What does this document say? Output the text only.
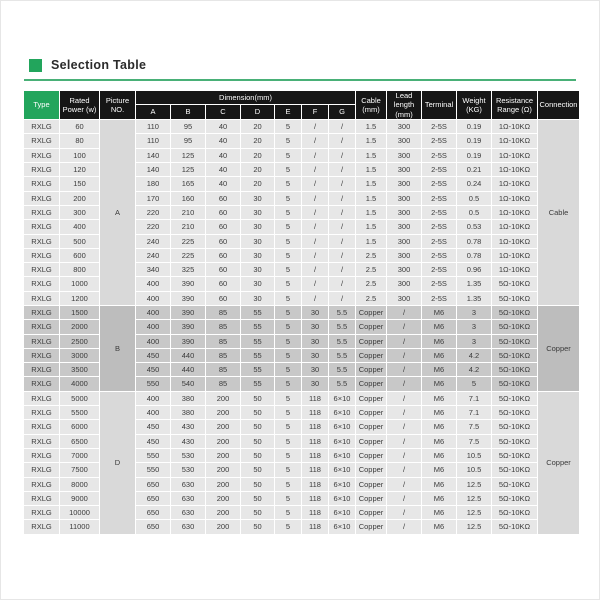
Selection Table
Type	Rated Power (w)	Picture NO.	Dimension(mm)							Cable (mm)	Lead length (mm)	Terminal	Weight (KG)	Resistance Range (Ω)	Connection
			A	B	C	D	E	F	G						
RXLG	60	A	110	95	40	20	5	/	/	1.5	300	2-5S	0.19	1Ω-10KΩ	Cable
RXLG	80		110	95	40	20	5	/	/	1.5	300	2-5S	0.19	1Ω-10KΩ	
RXLG	100		140	125	40	20	5	/	/	1.5	300	2-5S	0.19	1Ω-10KΩ	
RXLG	120		140	125	40	20	5	/	/	1.5	300	2-5S	0.21	1Ω-10KΩ	
RXLG	150		180	165	40	20	5	/	/	1.5	300	2-5S	0.24	1Ω-10KΩ	
RXLG	200		170	160	60	30	5	/	/	1.5	300	2-5S	0.5	1Ω-10KΩ	
RXLG	300		220	210	60	30	5	/	/	1.5	300	2-5S	0.5	1Ω-10KΩ	
RXLG	400		220	210	60	30	5	/	/	1.5	300	2-5S	0.53	1Ω-10KΩ	
RXLG	500		240	225	60	30	5	/	/	1.5	300	2-5S	0.78	1Ω-10KΩ	
RXLG	600		240	225	60	30	5	/	/	2.5	300	2-5S	0.78	1Ω-10KΩ	
RXLG	800		340	325	60	30	5	/	/	2.5	300	2-5S	0.96	1Ω-10KΩ	
RXLG	1000		400	390	60	30	5	/	/	2.5	300	2-5S	1.35	5Ω-10KΩ	
RXLG	1200		400	390	60	30	5	/	/	2.5	300	2-5S	1.35	5Ω-10KΩ	
RXLG	1500	B	400	390	85	55	5	30	5.5	Copper	/	M6	3	5Ω-10KΩ	Copper
RXLG	2000		400	390	85	55	5	30	5.5	Copper	/	M6	3	5Ω-10KΩ	
RXLG	2500		400	390	85	55	5	30	5.5	Copper	/	M6	3	5Ω-10KΩ	
RXLG	3000		450	440	85	55	5	30	5.5	Copper	/	M6	4.2	5Ω-10KΩ	
RXLG	3500		450	440	85	55	5	30	5.5	Copper	/	M6	4.2	5Ω-10KΩ	
RXLG	4000		550	540	85	55	5	30	5.5	Copper	/	M6	5	5Ω-10KΩ	
RXLG	5000	D	400	380	200	50	5	118	6×10	Copper	/	M6	7.1	5Ω-10KΩ	Copper
RXLG	5500		400	380	200	50	5	118	6×10	Copper	/	M6	7.1	5Ω-10KΩ	
RXLG	6000		450	430	200	50	5	118	6×10	Copper	/	M6	7.5	5Ω-10KΩ	
RXLG	6500		450	430	200	50	5	118	6×10	Copper	/	M6	7.5	5Ω-10KΩ	
RXLG	7000		550	530	200	50	5	118	6×10	Copper	/	M6	10.5	5Ω-10KΩ	
RXLG	7500		550	530	200	50	5	118	6×10	Copper	/	M6	10.5	5Ω-10KΩ	
RXLG	8000		650	630	200	50	5	118	6×10	Copper	/	M6	12.5	5Ω-10KΩ	
RXLG	9000		650	630	200	50	5	118	6×10	Copper	/	M6	12.5	5Ω-10KΩ	
RXLG	10000		650	630	200	50	5	118	6×10	Copper	/	M6	12.5	5Ω-10KΩ	
RXLG	11000		650	630	200	50	5	118	6×10	Copper	/	M6	12.5	5Ω-10KΩ	
